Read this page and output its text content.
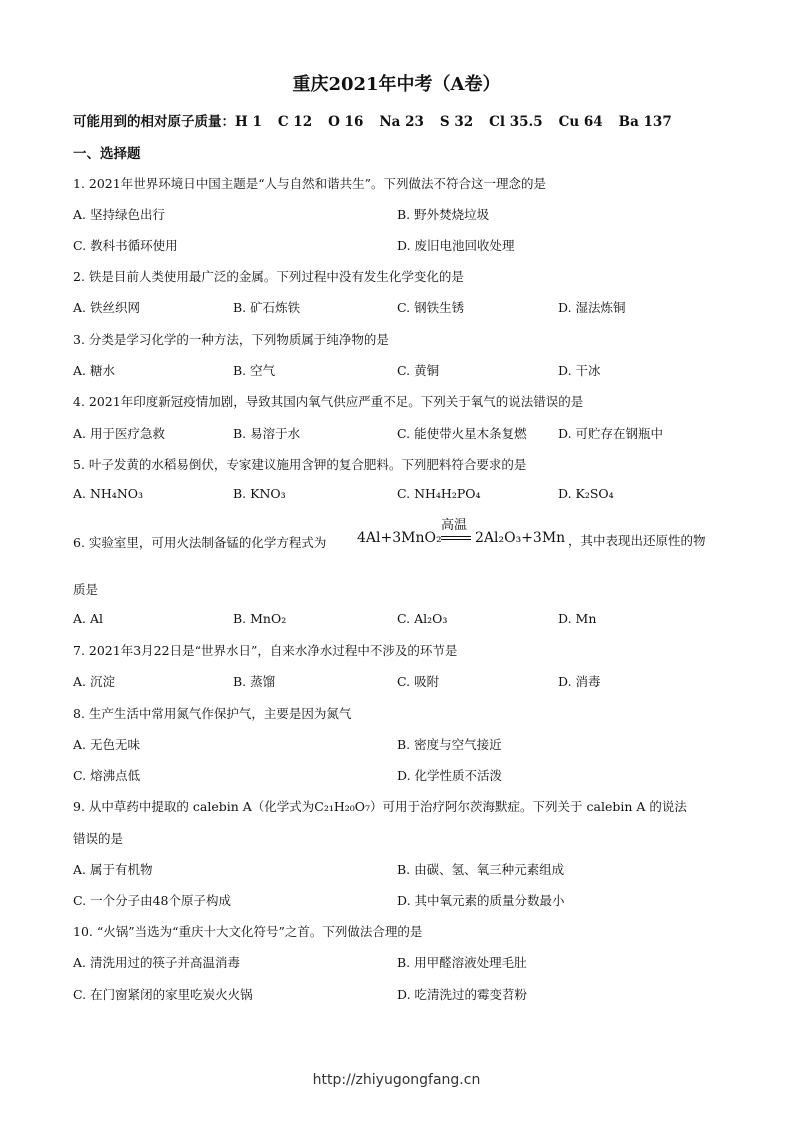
重庆2021年中考（A卷）
可能用到的相对原子质量：H 1 C 12 O 16 Na 23 S 32 Cl 35.5 Cu 64 Ba 137
一、选择题
1. 2021年世界环境日中国主题是“人与自然和谐共生”。下列做法不符合这一理念的是
A. 坚持绿色出行	B. 野外焚烧垃圾
C. 教科书循环使用	D. 废旧电池回收处理
2. 铁是目前人类使用最广泛的金属。下列过程中没有发生化学变化的是
A. 铁丝织网	B. 矿石炼铁	C. 钢铁生锈	D. 湿法炼铜
3. 分类是学习化学的一种方法，下列物质属于纯净物的是
A. 糖水	B. 空气	C. 黄铜	D. 干冰
4. 2021年印度新冠疫情加剧，导致其国内氧气供应严重不足。下列关于氧气的说法错误的是
A. 用于医疗急救	B. 易溶于水	C. 能使带火星木条复燃	D. 可贮存在钢瓶中
5. 叶子发黄的水稻易倒伏，专家建议施用含钾的复合肥料。下列肥料符合要求的是
A. NH₄NO₃	B. KNO₃	C. NH₄H₂PO₄	D. K₂SO₄
6. 实验室里，可用火法制备锰的化学方程式为 4Al+3MnO₂
高温
2Al₂O₃+3Mn ，其中表现出还原性的物
质是
A. Al	B. MnO₂	C. Al₂O₃	D. Mn
7. 2021年3月22日是“世界水日”，自来水净水过程中不涉及的环节是
A. 沉淀	B. 蒸馏	C. 吸附	D. 消毒
8. 生产生活中常用氮气作保护气，主要是因为氮气
A. 无色无味	B. 密度与空气接近
C. 熔沸点低	D. 化学性质不活泼
9. 从中草药中提取的 calebin A（化学式为C₂₁H₂₀O₇）可用于治疗阿尔茨海默症。下列关于 calebin A 的说法
错误的是
A. 属于有机物	B. 由碳、氢、氧三种元素组成
C. 一个分子由48个原子构成	D. 其中氧元素的质量分数最小
10. “火锅”当选为“重庆十大文化符号”之首。下列做法合理的是
A. 清洗用过的筷子并高温消毒	B. 用甲醛溶液处理毛肚
C. 在门窗紧闭的家里吃炭火火锅	D. 吃清洗过的霉变苕粉
http://zhiyugongfang.cn
